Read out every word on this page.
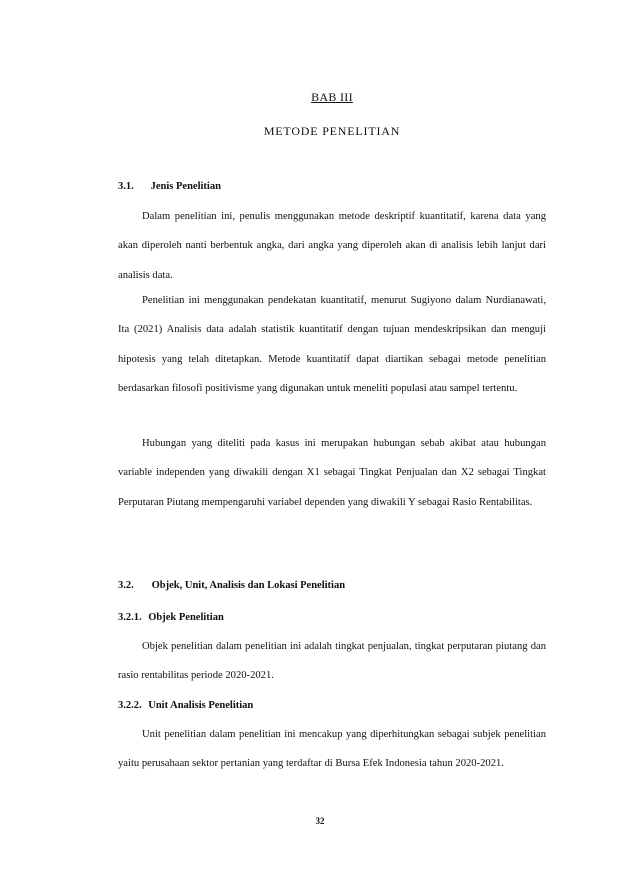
BAB III
METODE PENELITIAN
3.1. Jenis Penelitian

Dalam penelitian ini, penulis menggunakan metode deskriptif kuantitatif, karena data yang akan diperoleh nanti berbentuk angka, dari angka yang diperoleh akan di analisis lebih lanjut dari analisis data.

Penelitian ini menggunakan pendekatan kuantitatif, menurut Sugiyono dalam Nurdianawati, Ita (2021) Analisis data adalah statistik kuantitatif dengan tujuan mendeskripsikan dan menguji hipotesis yang telah ditetapkan. Metode kuantitatif dapat diartikan sebagai metode penelitian berdasarkan filosofi positivisme yang digunakan untuk meneliti populasi atau sampel tertentu.

Hubungan yang diteliti pada kasus ini merupakan hubungan sebab akibat atau hubungan variable independen yang diwakili dengan X1 sebagai Tingkat Penjualan dan X2 sebagai Tingkat Perputaran Piutang mempengaruhi variabel dependen yang diwakili Y sebagai Rasio Rentabilitas.

3.2. Objek, Unit, Analisis dan Lokasi Penelitian
3.2.1. Objek Penelitian

Objek penelitian dalam penelitian ini adalah tingkat penjualan, tingkat perputaran piutang dan rasio rentabilitas periode 2020-2021.

3.2.2. Unit Analisis Penelitian

Unit penelitian dalam penelitian ini mencakup yang diperhitungkan sebagai subjek penelitian yaitu perusahaan sektor pertanian yang terdaftar di Bursa Efek Indonesia tahun 2020-2021.

32
